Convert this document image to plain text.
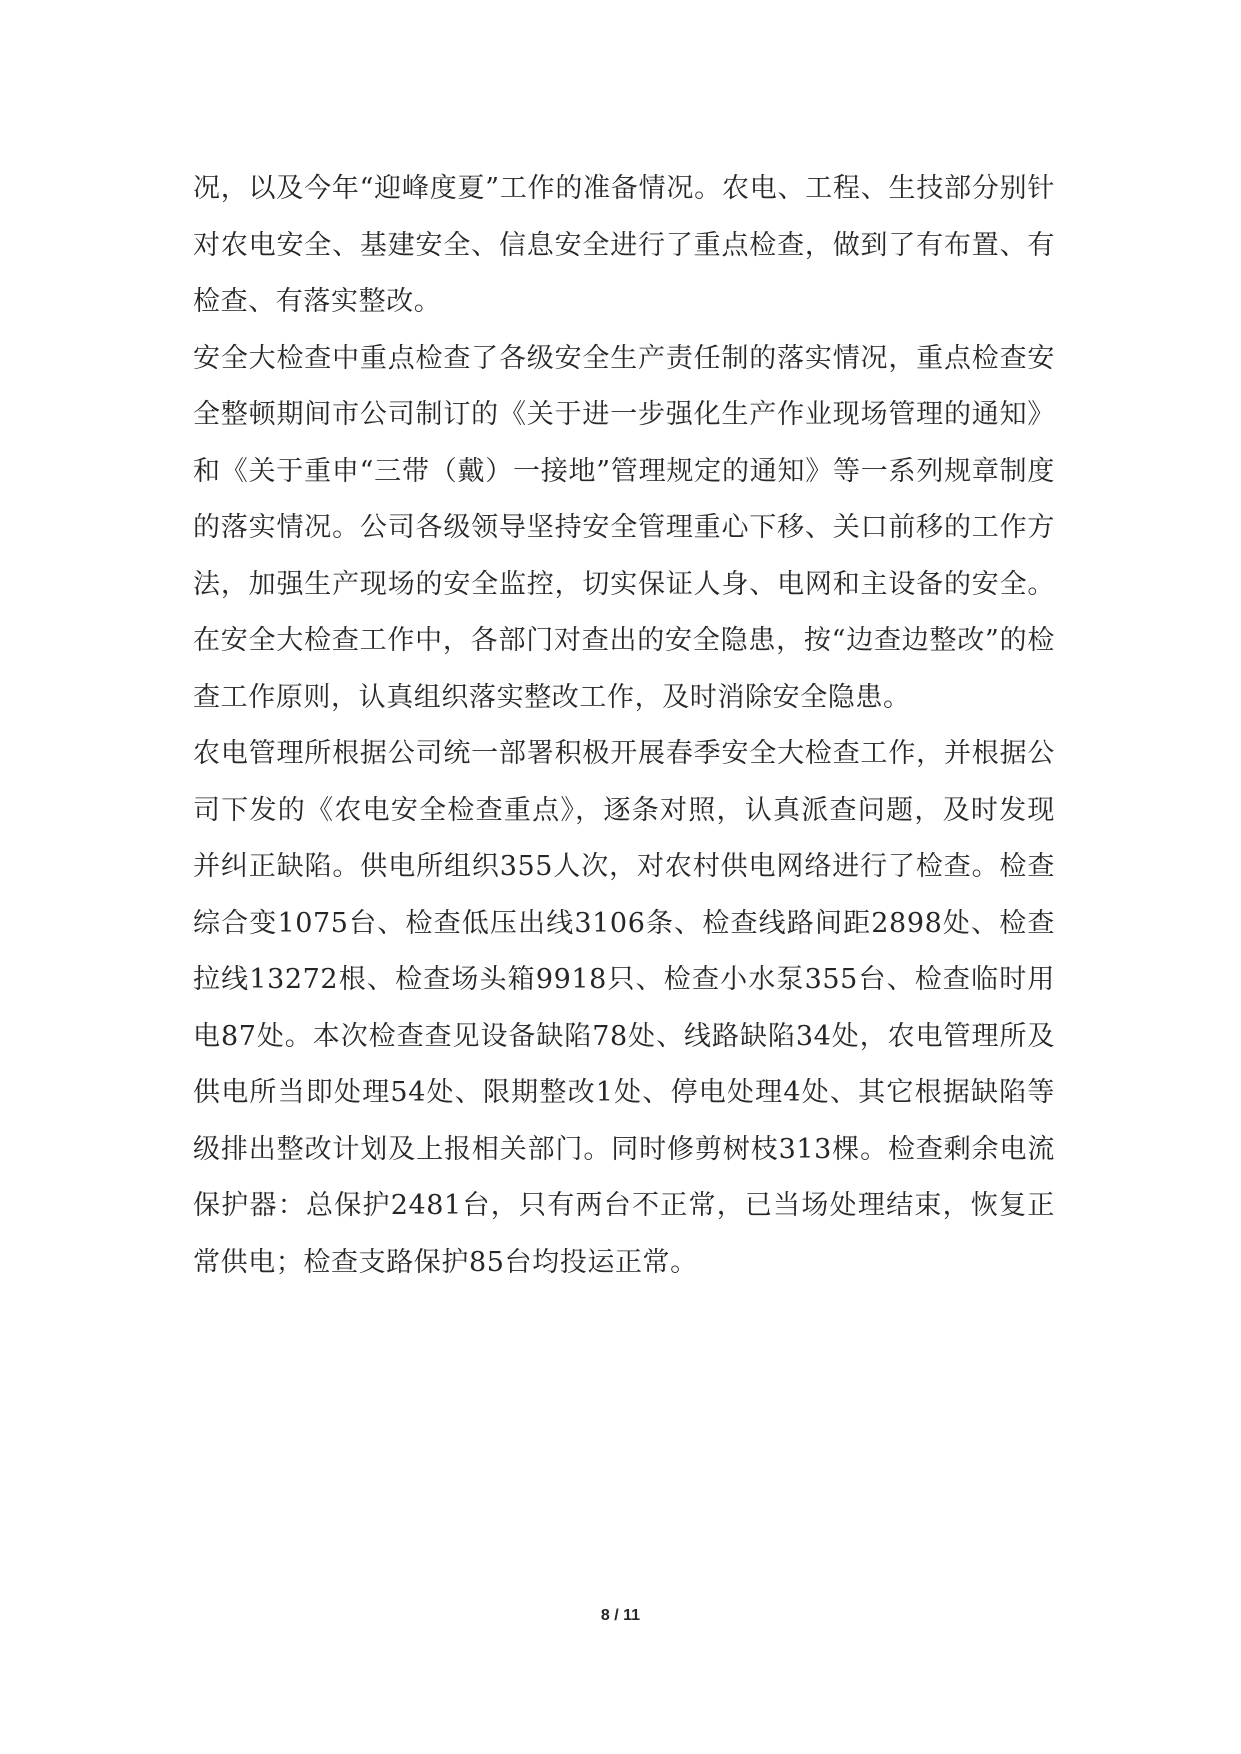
况，以及今年“迎峰度夏”工作的准备情况。农电、工程、生技部分别针对农电安全、基建安全、信息安全进行了重点检查，做到了有布置、有检查、有落实整改。

安全大检查中重点检查了各级安全生产责任制的落实情况，重点检查安全整顿期间市公司制订的《关于进一步强化生产作业现场管理的通知》和《关于重申“三带（戴）一接地”管理规定的通知》等一系列规章制度的落实情况。公司各级领导坚持安全管理重心下移、关口前移的工作方法，加强生产现场的安全监控，切实保证人身、电网和主设备的安全。在安全大检查工作中，各部门对查出的安全隐患，按“边查边整改”的检查工作原则，认真组织落实整改工作，及时消除安全隐患。

农电管理所根据公司统一部署积极开展春季安全大检查工作，并根据公司下发的《农电安全检查重点》，逐条对照，认真派查问题，及时发现并纠正缺陷。供电所组织355人次，对农村供电网络进行了检查。检查综合变1075台、检查低压出线3106条、检查线路间距2898处、检查拉线13272根、检查场头箱9918只、检查小水泵355台、检查临时用电87处。本次检查查见设备缺陷78处、线路缺陷34处，农电管理所及供电所当即处理54处、限期整改1处、停电处理4处、其它根据缺陷等级排出整改计划及上报相关部门。同时修剪树枝313棵。检查剩余电流保护器：总保护2481台，只有两台不正常，已当场处理结束，恢复正常供电；检查支路保护85台均投运正常。

8 / 11
